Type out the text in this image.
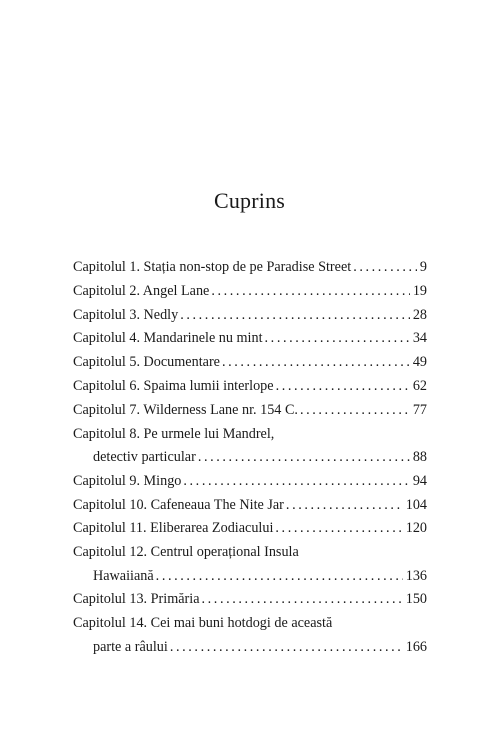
Cuprins
Capitolul 1. Stația non-stop de pe Paradise Street .....	9
Capitolul 2. Angel Lane .....	19
Capitolul 3. Nedly .....	28
Capitolul 4. Mandarinele nu mint .....	34
Capitolul 5. Documentare .....	49
Capitolul 6. Spaima lumii interlope .....	62
Capitolul 7. Wilderness Lane nr. 154 C. .....	77
Capitolul 8. Pe urmele lui Mandrel,
detectiv particular .....	88
Capitolul 9. Mingo .....	94
Capitolul 10. Cafeneaua The Nite Jar .....	104
Capitolul 11. Eliberarea Zodiacului .....	120
Capitolul 12. Centrul operațional Insula
Hawaiiană .....	136
Capitolul 13. Primăria .....	150
Capitolul 14. Cei mai buni hotdogi de această
parte a râului .....	166
